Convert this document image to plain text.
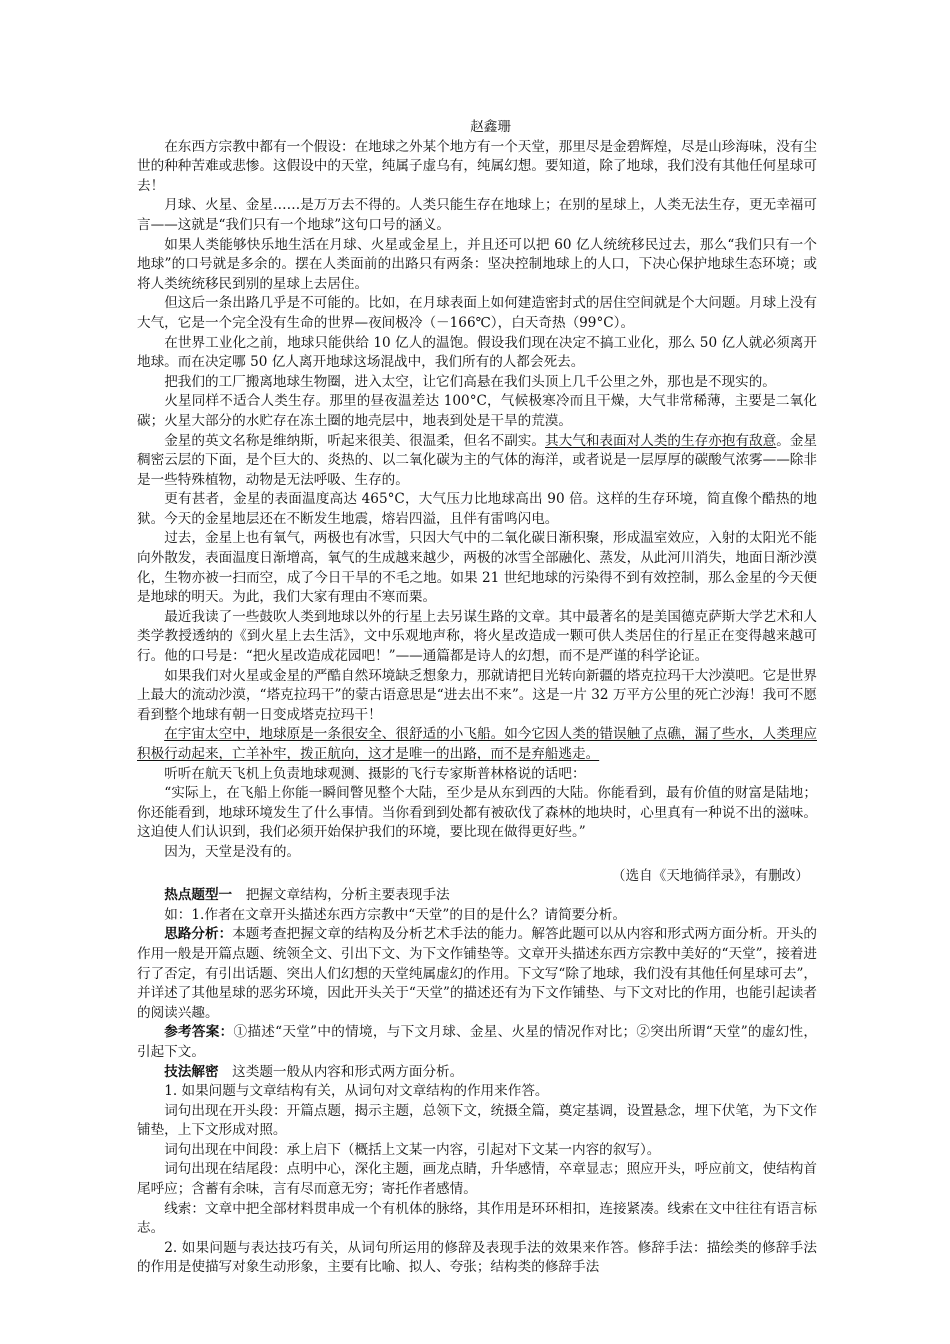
赵鑫珊

在东西方宗教中都有一个假设：在地球之外某个地方有一个天堂，那里尽是金碧辉煌，尽是山珍海味，没有尘世的种种苦难或悲惨。这假设中的天堂，纯属子虚乌有，纯属幻想。要知道，除了地球，我们没有其他任何星球可去！

月球、火星、金星……是万万去不得的。人类只能生存在地球上；在别的星球上，人类无法生存，更无幸福可言——这就是“我们只有一个地球”这句口号的涵义。

如果人类能够快乐地生活在月球、火星或金星上，并且还可以把 60 亿人统统移民过去，那么“我们只有一个地球”的口号就是多余的。摆在人类面前的出路只有两条：坚决控制地球上的人口，下决心保护地球生态环境；或将人类统统移民到别的星球上去居住。

但这后一条出路几乎是不可能的。比如，在月球表面上如何建造密封式的居住空间就是个大问题。月球上没有大气，它是一个完全没有生命的世界—夜间极冷（－166℃），白天奇热（99°C）。

在世界工业化之前，地球只能供给 10 亿人的温饱。假设我们现在决定不搞工业化，那么 50 亿人就必须离开地球。而在决定哪 50 亿人离开地球这场混战中，我们所有的人都会死去。

把我们的工厂搬离地球生物圈，进入太空，让它们高悬在我们头顶上几千公里之外，那也是不现实的。

火星同样不适合人类生存。那里的昼夜温差达 100°C，气候极寒冷而且干燥，大气非常稀薄，主要是二氧化碳；火星大部分的水贮存在冻土圈的地壳层中，地表到处是干旱的荒漠。

金星的英文名称是维纳斯，听起来很美、很温柔，但名不副实。其大气和表面对人类的生存亦抱有敌意。金星稠密云层的下面，是个巨大的、炎热的、以二氧化碳为主的气体的海洋，或者说是一层厚厚的碳酸气浓雾——除非是一些特殊植物，动物是无法呼吸、生存的。

更有甚者，金星的表面温度高达 465°C，大气压力比地球高出 90 倍。这样的生存环境，简直像个酷热的地狱。今天的金星地层还在不断发生地震，熔岩四溢，且伴有雷鸣闪电。

过去，金星上也有氧气，两极也有冰雪，只因大气中的二氧化碳日渐积聚，形成温室效应，入射的太阳光不能向外散发，表面温度日渐增高，氧气的生成越来越少，两极的冰雪全部融化、蒸发，从此河川消失，地面日渐沙漠化，生物亦被一扫而空，成了今日干旱的不毛之地。如果 21 世纪地球的污染得不到有效控制，那么金星的今天便是地球的明天。为此，我们大家有理由不寒而栗。

最近我读了一些鼓吹人类到地球以外的行星上去另谋生路的文章。其中最著名的是美国德克萨斯大学艺术和人类学教授透纳的《到火星上去生活》，文中乐观地声称，将火星改造成一颗可供人类居住的行星正在变得越来越可行。他的口号是：“把火星改造成花园吧！”——通篇都是诗人的幻想，而不是严谨的科学论证。

如果我们对火星或金星的严酷自然环境缺乏想象力，那就请把目光转向新疆的塔克拉玛干大沙漠吧。它是世界上最大的流动沙漠，“塔克拉玛干”的蒙古语意思是“进去出不来”。这是一片 32 万平方公里的死亡沙海！我可不愿看到整个地球有朝一日变成塔克拉玛干！

在宇宙太空中，地球原是一条很安全、很舒适的小飞船。如今它因人类的错误触了点礁，漏了些水，人类理应积极行动起来，亡羊补牢，拨正航向，这才是唯一的出路，而不是弃船逃走。

听听在航天飞机上负责地球观测、摄影的飞行专家斯普林格说的话吧：

“实际上，在飞船上你能一瞬间瞥见整个大陆，至少是从东到西的大陆。你能看到，最有价值的财富是陆地；你还能看到，地球环境发生了什么事情。当你看到到处都有被砍伐了森林的地块时，心里真有一种说不出的滋味。这迫使人们认识到，我们必须开始保护我们的环境，要比现在做得更好些。”

因为，天堂是没有的。

（选自《天地徜徉录》，有删改）

热点题型一　把握文章结构，分析主要表现手法

如：1.作者在文章开头描述东西方宗教中“天堂”的目的是什么？请简要分析。

思路分析：本题考查把握文章的结构及分析艺术手法的能力。解答此题可以从内容和形式两方面分析。开头的作用一般是开篇点题、统领全文、引出下文、为下文作铺垫等。文章开头描述东西方宗教中美好的“天堂”，接着进行了否定，有引出话题、突出人们幻想的天堂纯属虚幻的作用。下文写“除了地球，我们没有其他任何星球可去”，并详述了其他星球的恶劣环境，因此开头关于“天堂”的描述还有为下文作铺垫、与下文对比的作用，也能引起读者的阅读兴趣。

参考答案：①描述“天堂”中的情境，与下文月球、金星、火星的情况作对比；②突出所谓“天堂”的虚幻性，引起下文。

技法解密　这类题一般从内容和形式两方面分析。

1. 如果问题与文章结构有关，从词句对文章结构的作用来作答。

词句出现在开头段：开篇点题，揭示主题，总领下文，统摄全篇，奠定基调，设置悬念，埋下伏笔，为下文作铺垫，上下文形成对照。

词句出现在中间段：承上启下（概括上文某一内容，引起对下文某一内容的叙写）。

词句出现在结尾段：点明中心，深化主题，画龙点睛，升华感情，卒章显志；照应开头，呼应前文，使结构首尾呼应；含蓄有余味，言有尽而意无穷；寄托作者感情。

线索：文章中把全部材料贯串成一个有机体的脉络，其作用是环环相扣，连接紧凑。线索在文中往往有语言标志。

2. 如果问题与表达技巧有关，从词句所运用的修辞及表现手法的效果来作答。修辞手法：描绘类的修辞手法的作用是使描写对象生动形象，主要有比喻、拟人、夸张；结构类的修辞手法
